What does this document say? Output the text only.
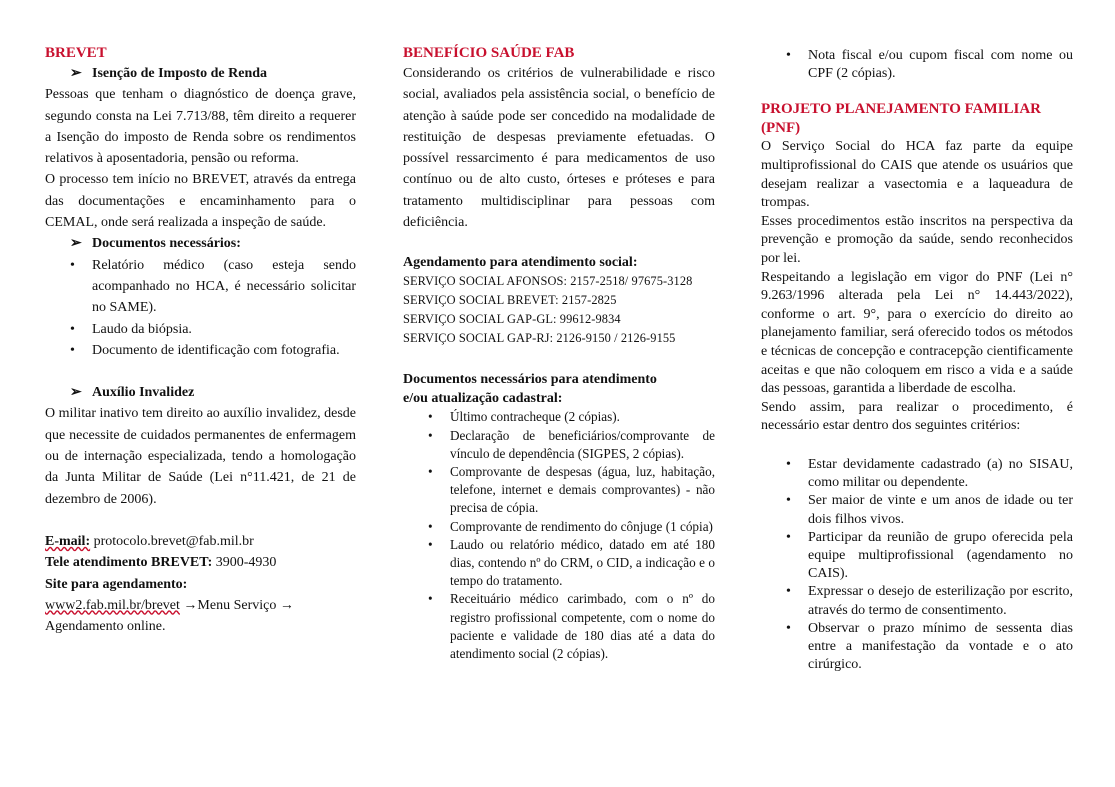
BREVET

➢ Isenção de Imposto de Renda

Pessoas que tenham o diagnóstico de doença grave, segundo consta na Lei 7.713/88, têm direito a requerer a Isenção do imposto de Renda sobre os rendimentos relativos à aposentadoria, pensão ou reforma.

O processo tem início no BREVET, através da entrega das documentações e encaminhamento para o CEMAL, onde será realizada a inspeção de saúde.

➢ Documentos necessários:

• Relatório médico (caso esteja sendo acompanhado no HCA, é necessário solicitar no SAME).
• Laudo da biópsia.
• Documento de identificação com fotografia.

➢ Auxílio Invalidez

O militar inativo tem direito ao auxílio invalidez, desde que necessite de cuidados permanentes de enfermagem ou de internação especializada, tendo a homologação da Junta Militar de Saúde (Lei n°11.421, de 21 de dezembro de 2006).

E-mail: protocolo.brevet@fab.mil.br

Tele atendimento BREVET: 3900-4930

Site para agendamento:

www2.fab.mil.br/brevet →Menu Serviço →
Agendamento online.

BENEFÍCIO SAÚDE FAB

Considerando os critérios de vulnerabilidade e risco social, avaliados pela assistência social, o benefício de atenção à saúde pode ser concedido na modalidade de restituição de despesas previamente efetuadas. O possível ressarcimento é para medicamentos de uso contínuo ou de alto custo, órteses e próteses e para tratamento multidisciplinar para pessoas com deficiência.

Agendamento para atendimento social:

SERVIÇO SOCIAL AFONSOS: 2157-2518/ 97675-3128

SERVIÇO SOCIAL BREVET: 2157-2825

SERVIÇO SOCIAL GAP-GL: 99612-9834

SERVIÇO SOCIAL GAP-RJ: 2126-9150 / 2126-9155

Documentos necessários para atendimento

e/ou atualização cadastral:

• Último contracheque (2 cópias).
• Declaração de beneficiários/comprovante de vínculo de dependência (SIGPES, 2 cópias).
• Comprovante de despesas (água, luz, habitação, telefone, internet e demais comprovantes) - não precisa de cópia.
• Comprovante de rendimento do cônjuge (1 cópia)
• Laudo ou relatório médico, datado em até 180 dias, contendo nº do CRM, o CID, a indicação e o tempo do tratamento.
• Receituário médico carimbado, com o nº do registro profissional competente, com o nome do paciente e validade de 180 dias até a data do atendimento social (2 cópias).
• Nota fiscal e/ou cupom fiscal com nome ou CPF (2 cópias).

PROJETO PLANEJAMENTO FAMILIAR (PNF)

O Serviço Social do HCA faz parte da equipe multiprofissional do CAIS que atende os usuários que desejam realizar a vasectomia e a laqueadura de trompas.

Esses procedimentos estão inscritos na perspectiva da prevenção e promoção da saúde, sendo reconhecidos por lei.

Respeitando a legislação em vigor do PNF (Lei n° 9.263/1996 alterada pela Lei n° 14.443/2022), conforme o art. 9°, para o exercício do direito ao planejamento familiar, será oferecido todos os métodos e técnicas de concepção e contracepção cientificamente aceitas e que não coloquem em risco a vida e a saúde das pessoas, garantida a liberdade de escolha.

Sendo assim, para realizar o procedimento, é necessário estar dentro dos seguintes critérios:

• Estar devidamente cadastrado (a) no SISAU, como militar ou dependente.
• Ser maior de vinte e um anos de idade ou ter dois filhos vivos.
• Participar da reunião de grupo oferecida pela equipe multiprofissional (agendamento no CAIS).
• Expressar o desejo de esterilização por escrito, através do termo de consentimento.
• Observar o prazo mínimo de sessenta dias entre a manifestação da vontade e o ato cirúrgico.
